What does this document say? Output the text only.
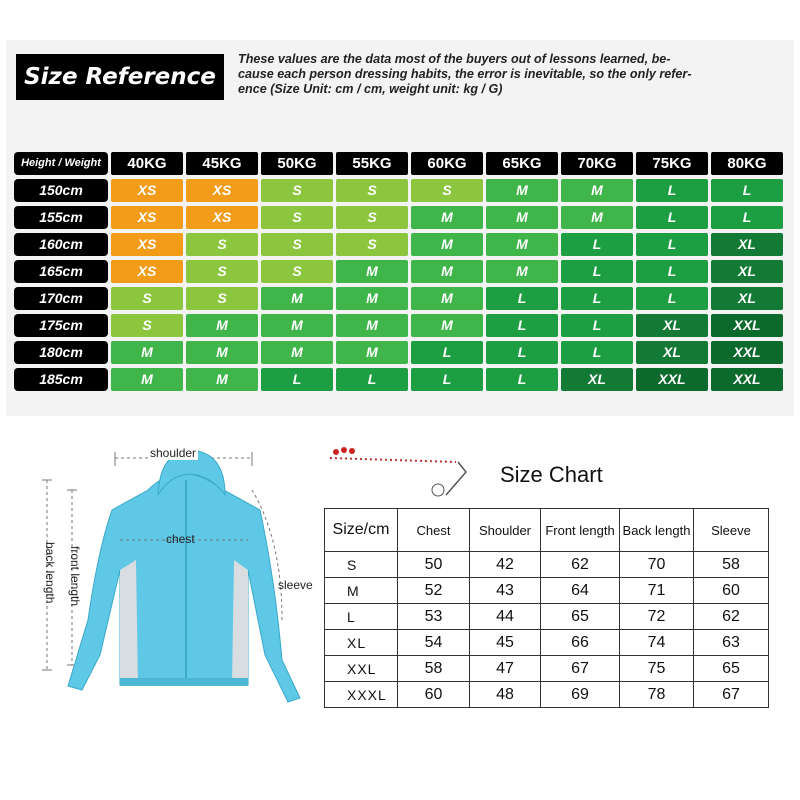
Size Reference
These values are the data most of the buyers out of lessons learned, be-
cause each person dressing habits, the error is inevitable, so the only refer-
ence (Size Unit: cm / cm, weight unit: kg / G)
Height / Weight	40KG	45KG	50KG	55KG	60KG	65KG	70KG	75KG	80KG
150cm	XS	XS	S	S	S	M	M	L	L
155cm	XS	XS	S	S	M	M	M	L	L
160cm	XS	S	S	S	M	M	L	L	XL
165cm	XS	S	S	M	M	M	L	L	XL
170cm	S	S	M	M	M	L	L	L	XL
175cm	S	M	M	M	M	L	L	XL	XXL
180cm	M	M	M	M	L	L	L	XL	XXL
185cm	M	M	L	L	L	L	XL	XXL	XXL
shoulder
chest
sleeve
front length
back length
Size Chart
Size/cm	Chest	Shoulder	Front length	Back length	Sleeve
S	50	42	62	70	58
M	52	43	64	71	60
L	53	44	65	72	62
XL	54	45	66	74	63
XXL	58	47	67	75	65
XXXL	60	48	69	78	67
